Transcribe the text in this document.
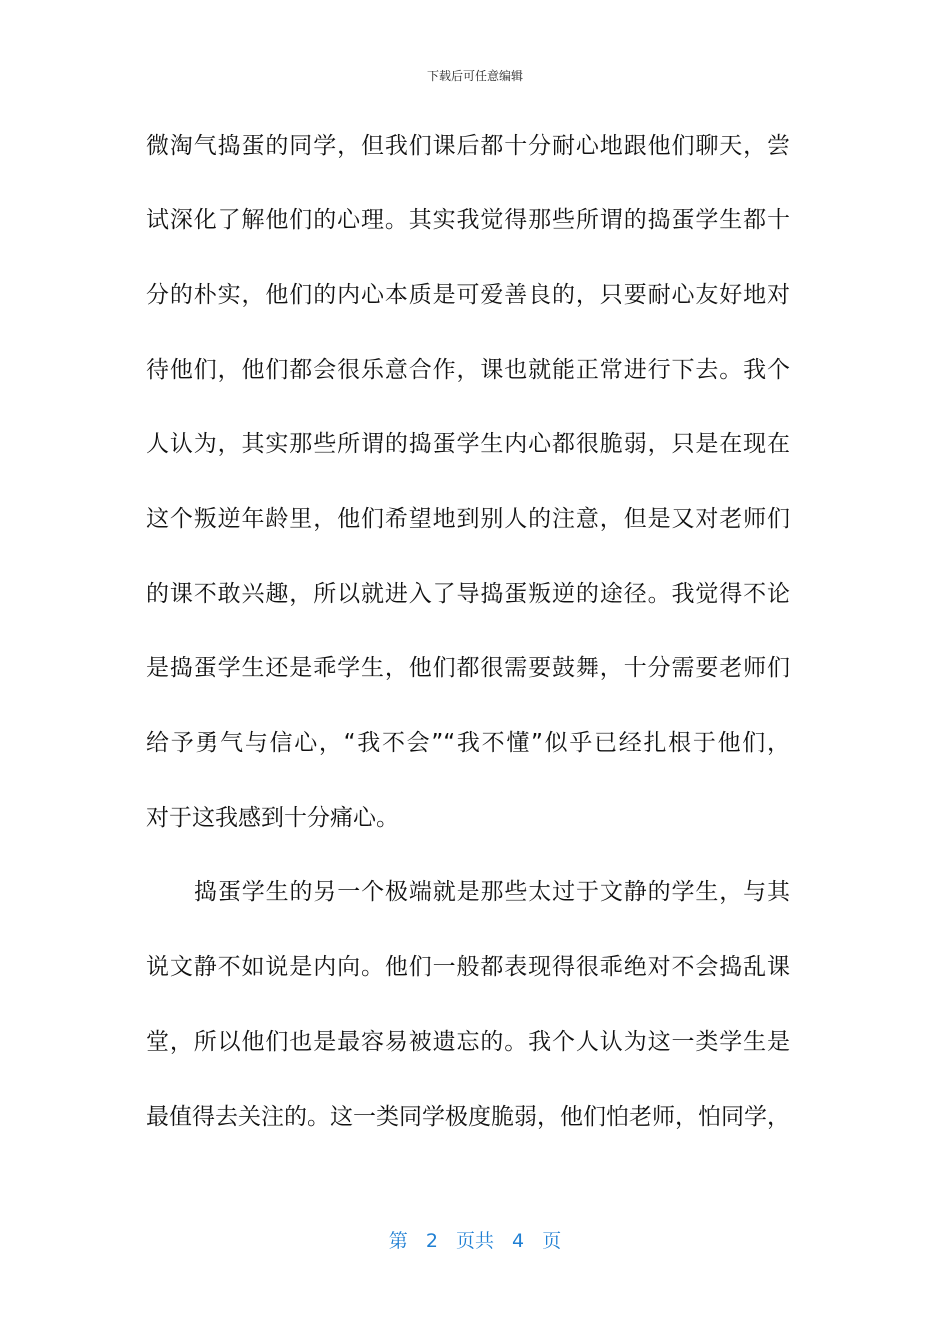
下载后可任意编辑
微淘气捣蛋的同学，但我们课后都十分耐心地跟他们聊天，尝
试深化了解他们的心理。其实我觉得那些所谓的捣蛋学生都十
分的朴实，他们的内心本质是可爱善良的，只要耐心友好地对
待他们，他们都会很乐意合作，课也就能正常进行下去。我个
人认为，其实那些所谓的捣蛋学生内心都很脆弱，只是在现在
这个叛逆年龄里，他们希望地到别人的注意，但是又对老师们
的课不敢兴趣，所以就进入了导捣蛋叛逆的途径。我觉得不论
是捣蛋学生还是乖学生，他们都很需要鼓舞，十分需要老师们
给予勇气与信心，“我不会”“我不懂”似乎已经扎根于他们，
对于这我感到十分痛心。
捣蛋学生的另一个极端就是那些太过于文静的学生，与其
说文静不如说是内向。他们一般都表现得很乖绝对不会捣乱课
堂，所以他们也是最容易被遗忘的。我个人认为这一类学生是
最值得去关注的。这一类同学极度脆弱，他们怕老师，怕同学，
第 2 页共 4 页
